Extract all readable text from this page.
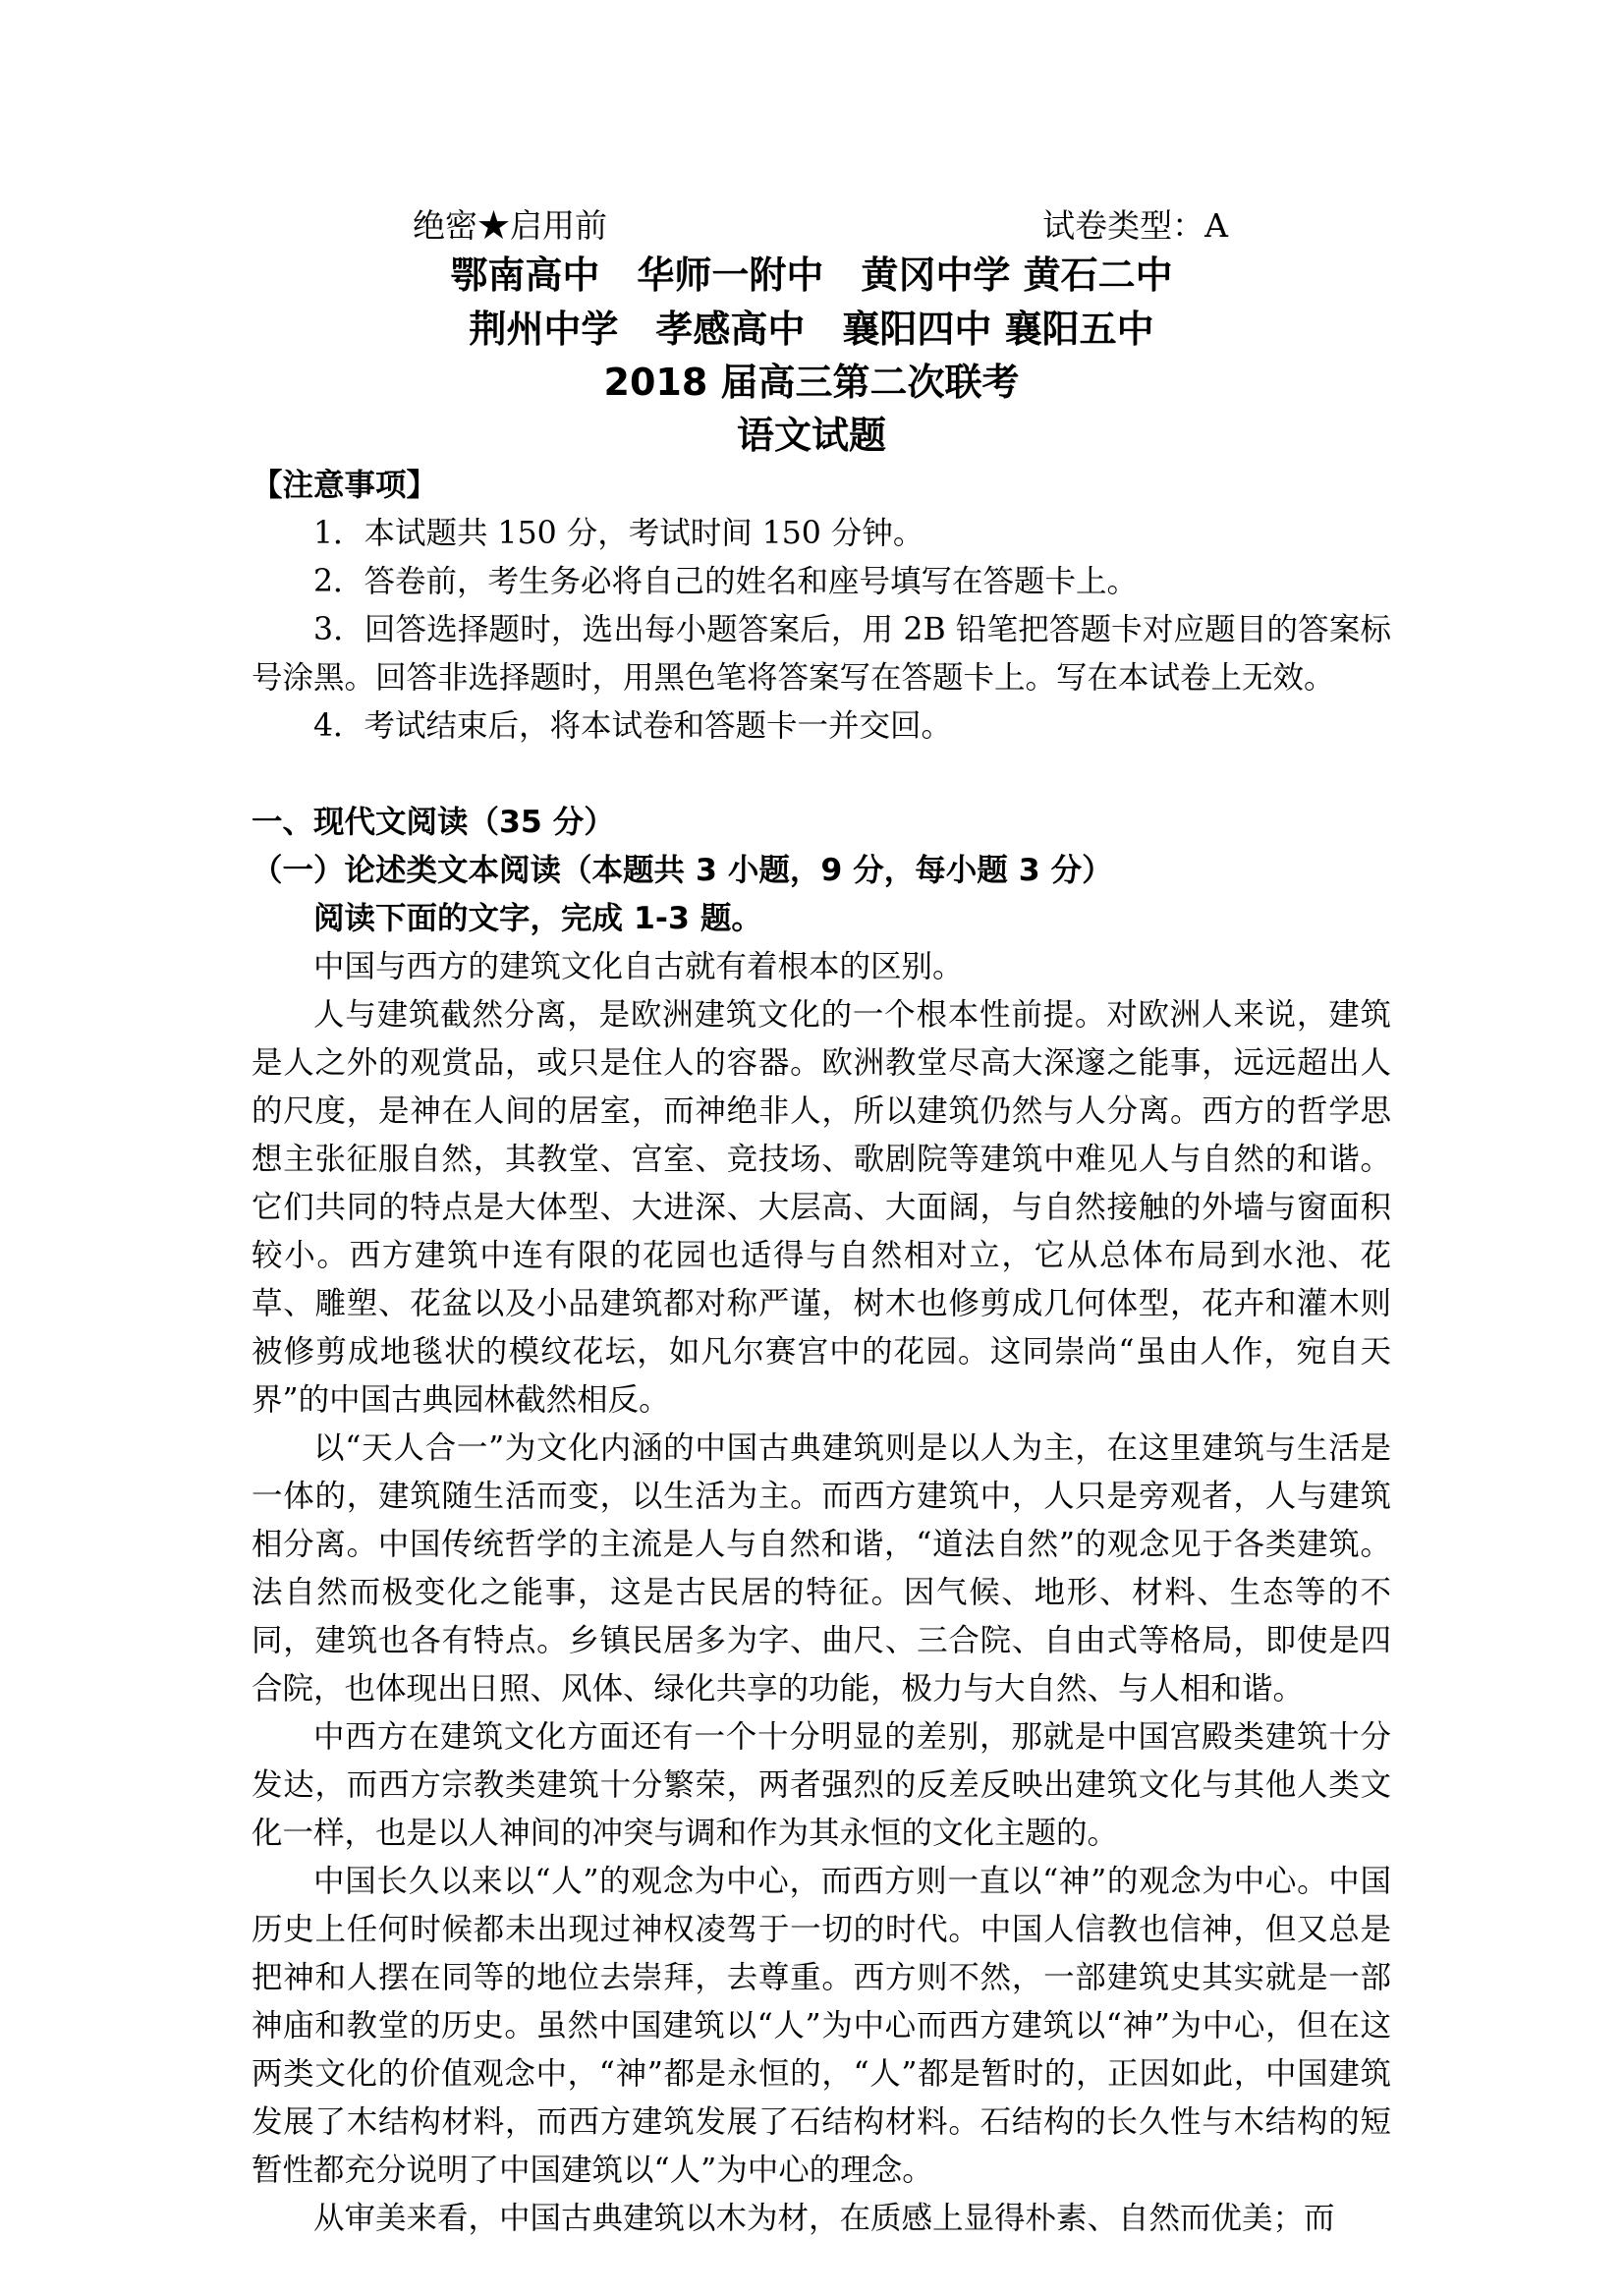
绝密★启用前	试卷类型：A
鄂南高中　华师一附中　黄冈中学 黄石二中
荆州中学　孝感高中　襄阳四中 襄阳五中
2018 届高三第二次联考
语文试题

【注意事项】

1．本试题共 150 分，考试时间 150 分钟。

2．答卷前，考生务必将自己的姓名和座号填写在答题卡上。

3．回答选择题时，选出每小题答案后，用 2B 铅笔把答题卡对应题目的答案标号涂黑。回答非选择题时，用黑色笔将答案写在答题卡上。写在本试卷上无效。

4．考试结束后，将本试卷和答题卡一并交回。

一、现代文阅读（35 分）

（一）论述类文本阅读（本题共 3 小题，9 分，每小题 3 分）

阅读下面的文字，完成 1-3 题。

中国与西方的建筑文化自古就有着根本的区别。

人与建筑截然分离，是欧洲建筑文化的一个根本性前提。对欧洲人来说，建筑是人之外的观赏品，或只是住人的容器。欧洲教堂尽高大深邃之能事，远远超出人的尺度，是神在人间的居室，而神绝非人，所以建筑仍然与人分离。西方的哲学思想主张征服自然，其教堂、宫室、竞技场、歌剧院等建筑中难见人与自然的和谐。它们共同的特点是大体型、大进深、大层高、大面阔，与自然接触的外墙与窗面积较小。西方建筑中连有限的花园也适得与自然相对立，它从总体布局到水池、花草、雕塑、花盆以及小品建筑都对称严谨，树木也修剪成几何体型，花卉和灌木则被修剪成地毯状的模纹花坛，如凡尔赛宫中的花园。这同崇尚“虽由人作，宛自天界”的中国古典园林截然相反。

以“天人合一”为文化内涵的中国古典建筑则是以人为主，在这里建筑与生活是一体的，建筑随生活而变，以生活为主。而西方建筑中，人只是旁观者，人与建筑相分离。中国传统哲学的主流是人与自然和谐，“道法自然”的观念见于各类建筑。法自然而极变化之能事，这是古民居的特征。因气候、地形、材料、生态等的不同，建筑也各有特点。乡镇民居多为字、曲尺、三合院、自由式等格局，即使是四合院，也体现出日照、风体、绿化共享的功能，极力与大自然、与人相和谐。

中西方在建筑文化方面还有一个十分明显的差别，那就是中国宫殿类建筑十分发达，而西方宗教类建筑十分繁荣，两者强烈的反差反映出建筑文化与其他人类文化一样，也是以人神间的冲突与调和作为其永恒的文化主题的。

中国长久以来以“人”的观念为中心，而西方则一直以“神”的观念为中心。中国历史上任何时候都未出现过神权凌驾于一切的时代。中国人信教也信神，但又总是把神和人摆在同等的地位去崇拜，去尊重。西方则不然，一部建筑史其实就是一部神庙和教堂的历史。虽然中国建筑以“人”为中心而西方建筑以“神”为中心，但在这两类文化的价值观念中，“神”都是永恒的，“人”都是暂时的，正因如此，中国建筑发展了木结构材料，而西方建筑发展了石结构材料。石结构的长久性与木结构的短暂性都充分说明了中国建筑以“人”为中心的理念。

从审美来看，中国古典建筑以木为材，在质感上显得朴素、自然而优美；而
